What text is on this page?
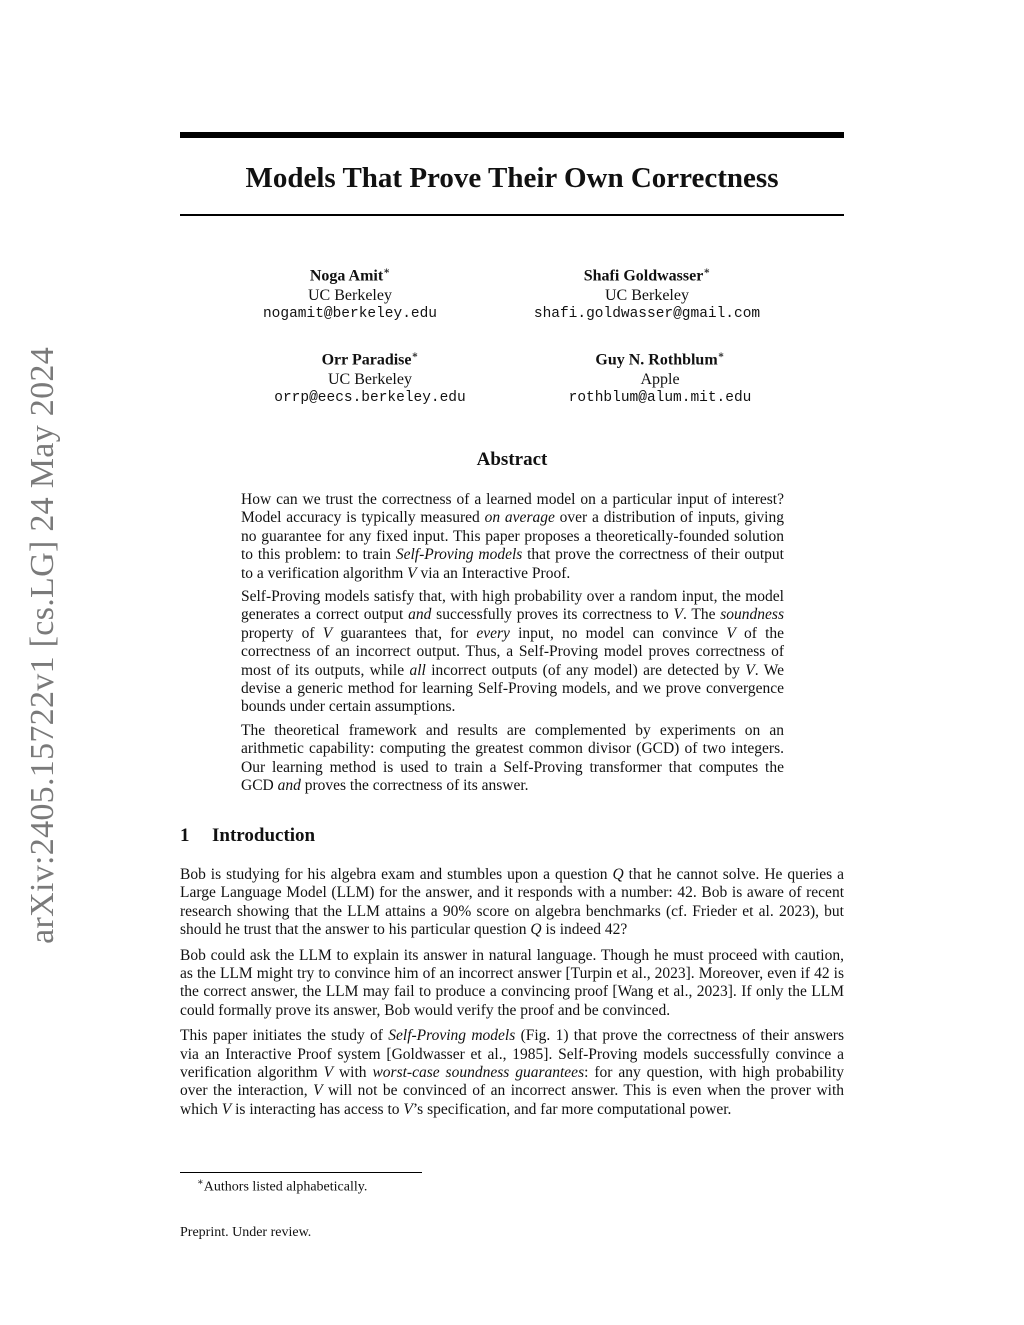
arXiv:2405.15722v1 [cs.LG] 24 May 2024
Models That Prove Their Own Correctness
Noga Amit∗
UC Berkeley
nogamit@berkeley.edu
Shafi Goldwasser∗
UC Berkeley
shafi.goldwasser@gmail.com
Orr Paradise∗
UC Berkeley
orrp@eecs.berkeley.edu
Guy N. Rothblum∗
Apple
rothblum@alum.mit.edu
Abstract

How can we trust the correctness of a learned model on a particular input of interest? Model accuracy is typically measured on average over a distribution of inputs, giving no guarantee for any fixed input. This paper proposes a theoretically-founded solution to this problem: to train Self-Proving models that prove the correctness of their output to a verification algorithm V via an Interactive Proof.

Self-Proving models satisfy that, with high probability over a random input, the model generates a correct output and successfully proves its correctness to V. The soundness property of V guarantees that, for every input, no model can convince V of the correctness of an incorrect output. Thus, a Self-Proving model proves correctness of most of its outputs, while all incorrect outputs (of any model) are detected by V. We devise a generic method for learning Self-Proving models, and we prove convergence bounds under certain assumptions.

The theoretical framework and results are complemented by experiments on an arithmetic capability: computing the greatest common divisor (GCD) of two integers. Our learning method is used to train a Self-Proving transformer that computes the GCD and proves the correctness of its answer.

1 Introduction

Bob is studying for his algebra exam and stumbles upon a question Q that he cannot solve. He queries a Large Language Model (LLM) for the answer, and it responds with a number: 42. Bob is aware of recent research showing that the LLM attains a 90% score on algebra benchmarks (cf. Frieder et al. 2023), but should he trust that the answer to his particular question Q is indeed 42?

Bob could ask the LLM to explain its answer in natural language. Though he must proceed with caution, as the LLM might try to convince him of an incorrect answer [Turpin et al., 2023]. Moreover, even if 42 is the correct answer, the LLM may fail to produce a convincing proof [Wang et al., 2023]. If only the LLM could formally prove its answer, Bob would verify the proof and be convinced.

This paper initiates the study of Self-Proving models (Fig. 1) that prove the correctness of their answers via an Interactive Proof system [Goldwasser et al., 1985]. Self-Proving models successfully convince a verification algorithm V with worst-case soundness guarantees: for any question, with high probability over the interaction, V will not be convinced of an incorrect answer. This is even when the prover with which V is interacting has access to V’s specification, and far more computational power.

∗Authors listed alphabetically.
Preprint. Under review.
